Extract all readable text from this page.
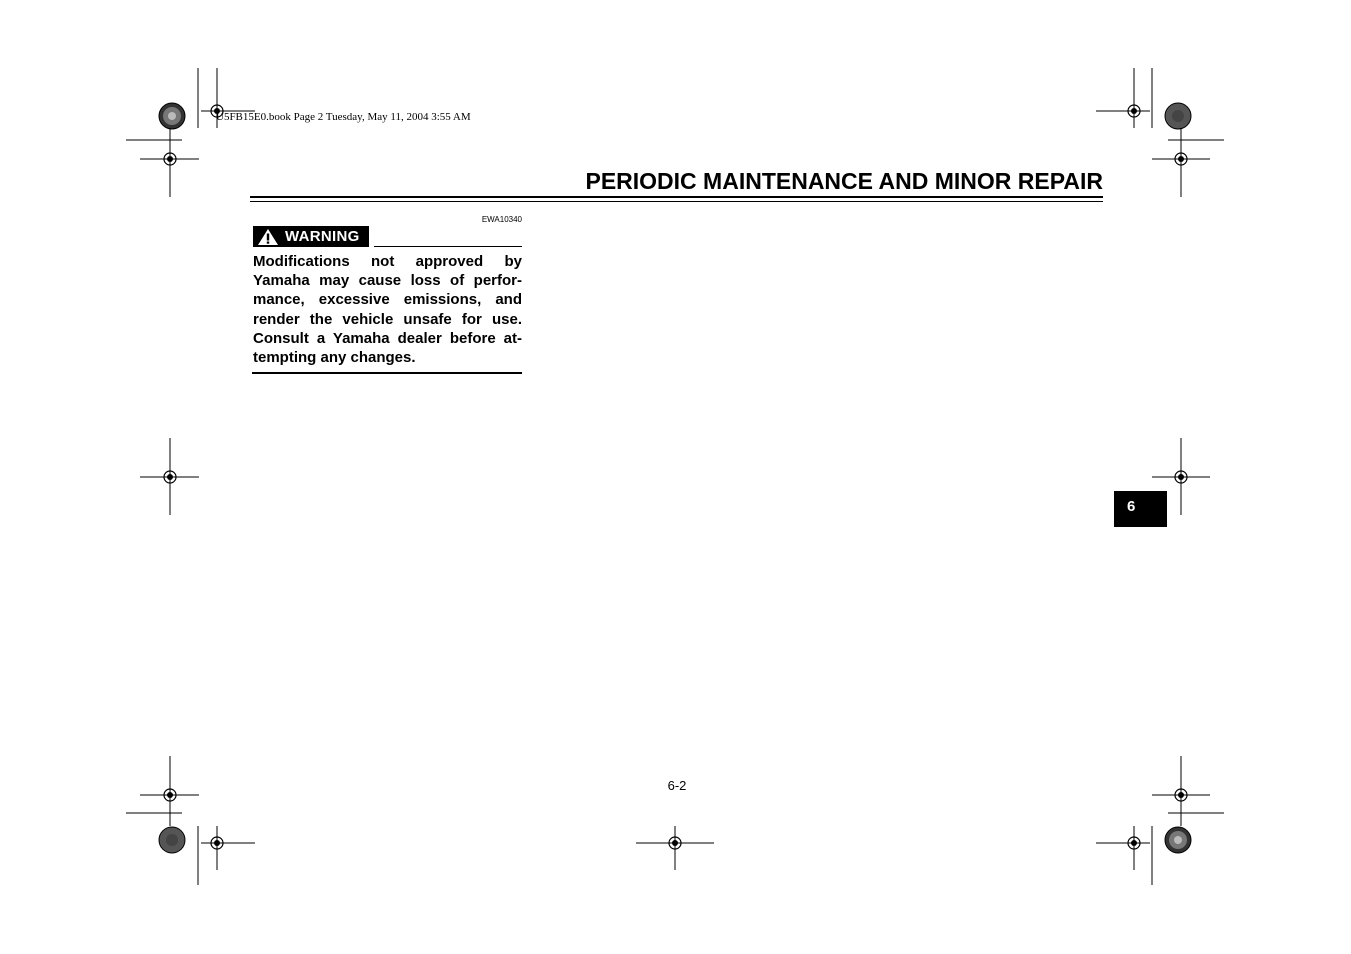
U5FB15E0.book Page 2 Tuesday, May 11, 2004 3:55 AM
PERIODIC MAINTENANCE AND MINOR REPAIR
EWA10340
WARNING
Modifications not approved by
Yamaha may cause loss of perfor-
mance, excessive emissions, and
render the vehicle unsafe for use.
Consult a Yamaha dealer before at-
tempting any changes.
6
6-2
